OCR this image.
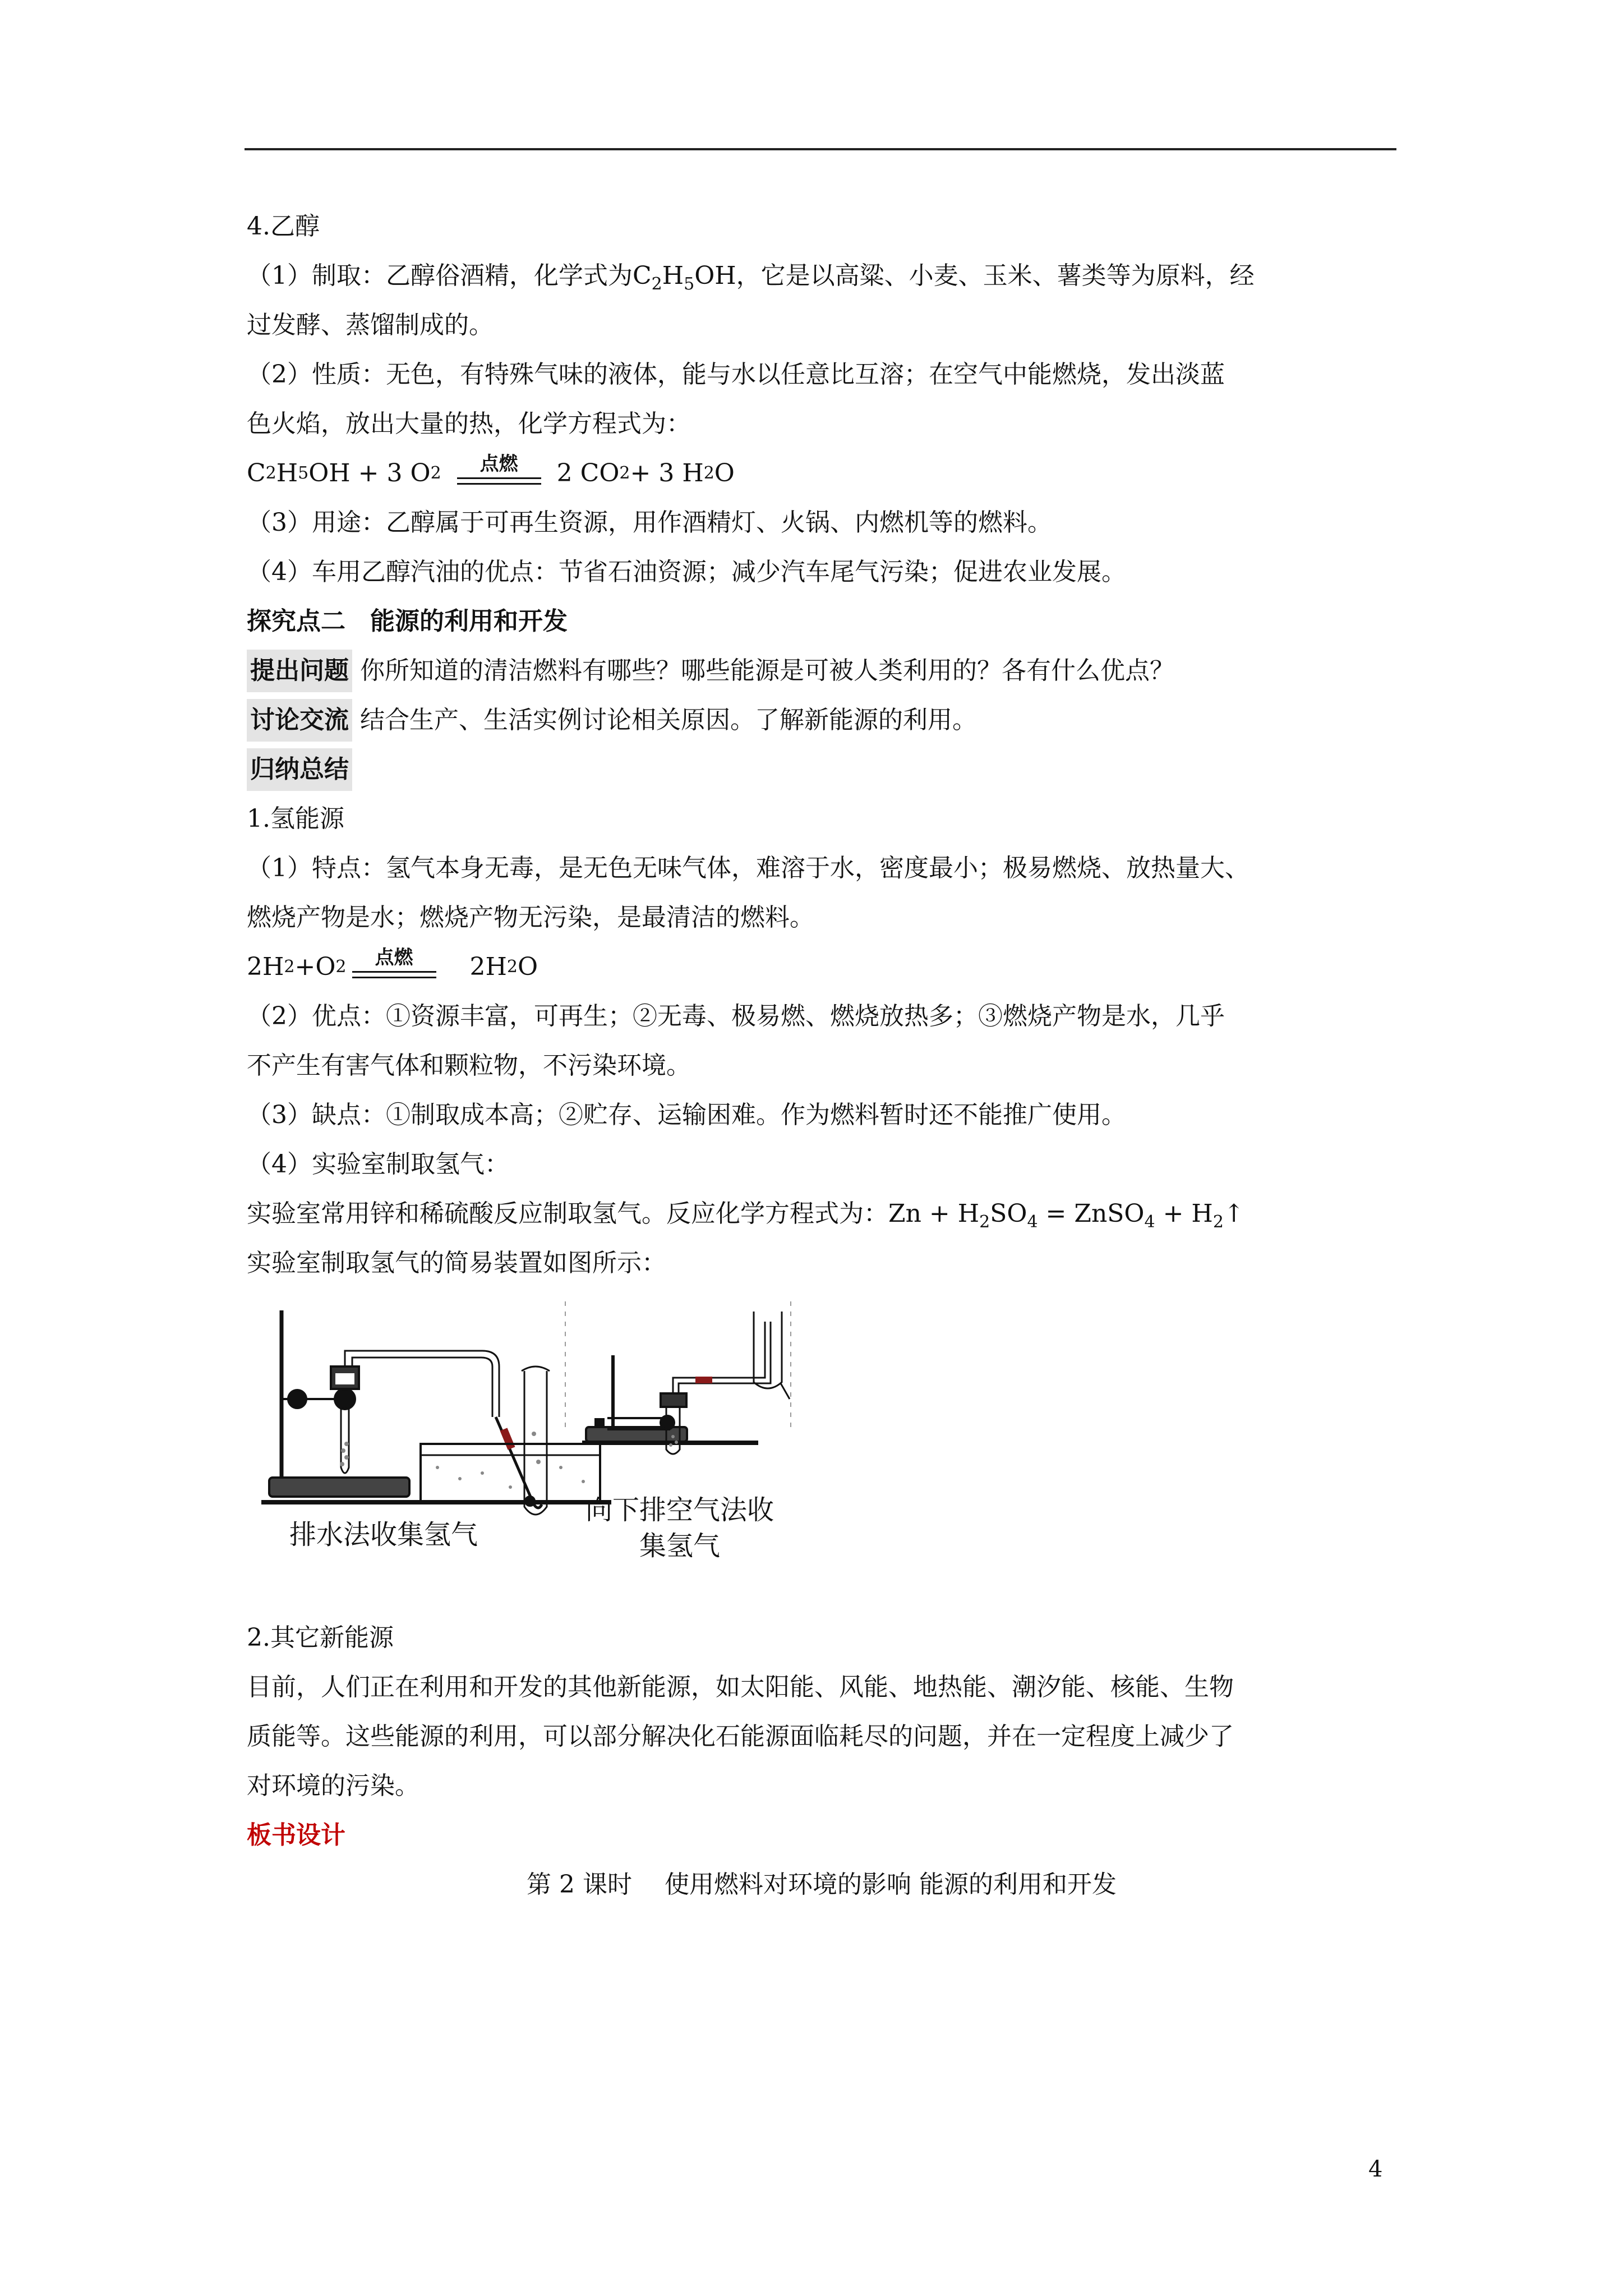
4.乙醇
（1）制取：乙醇俗酒精，化学式为$C_2H_5OH$，它是以高粱、小麦、玉米、薯类等为原料，经
过发酵、蒸馏制成的。
（2）性质：无色，有特殊气味的液体，能与水以任意比互溶；在空气中能燃烧，发出淡蓝
色火焰，放出大量的热，化学方程式为：
C 2 H 5 OH + 3 O 2	点燃	2 CO 2 + 3 H 2 O
（3）用途：乙醇属于可再生资源，用作酒精灯、火锅、内燃机等的燃料。
（4）车用乙醇汽油的优点：节省石油资源；减少汽车尾气污染；促进农业发展。
探究点二　能源的利用和开发
提出问题 你所知道的清洁燃料有哪些？哪些能源是可被人类利用的？各有什么优点？
讨论交流 结合生产、生活实例讨论相关原因。了解新能源的利用。
归纳总结
1.氢能源
（1）特点：氢气本身无毒，是无色无味气体，难溶于水，密度最小；极易燃烧、放热量大、
燃烧产物是水；燃烧产物无污染，是最清洁的燃料。
2H 2 +O 2	点燃	2H 2 O
（2）优点：①资源丰富，可再生；②无毒、极易燃、燃烧放热多；③燃烧产物是水，几乎
不产生有害气体和颗粒物，不污染环境。
（3）缺点：①制取成本高；②贮存、运输困难。作为燃料暂时还不能推广使用。
（4）实验室制取氢气：
实验室常用锌和稀硫酸反应制取氢气。反应化学方程式为：$Zn + H_2SO_4$ = ZnSO$_4$ + $H_2↑$
实验室制取氢气的简易装置如图所示：
排水法收集氢气
向下排空气法收
集氢气
2.其它新能源
目前，人们正在利用和开发的其他新能源，如太阳能、风能、地热能、潮汐能、核能、生物
质能等。这些能源的利用，可以部分解决化石能源面临耗尽的问题，并在一定程度上减少了
对环境的污染。
板书设计
第 2 课时　 使用燃料对环境的影响 能源的利用和开发
4
